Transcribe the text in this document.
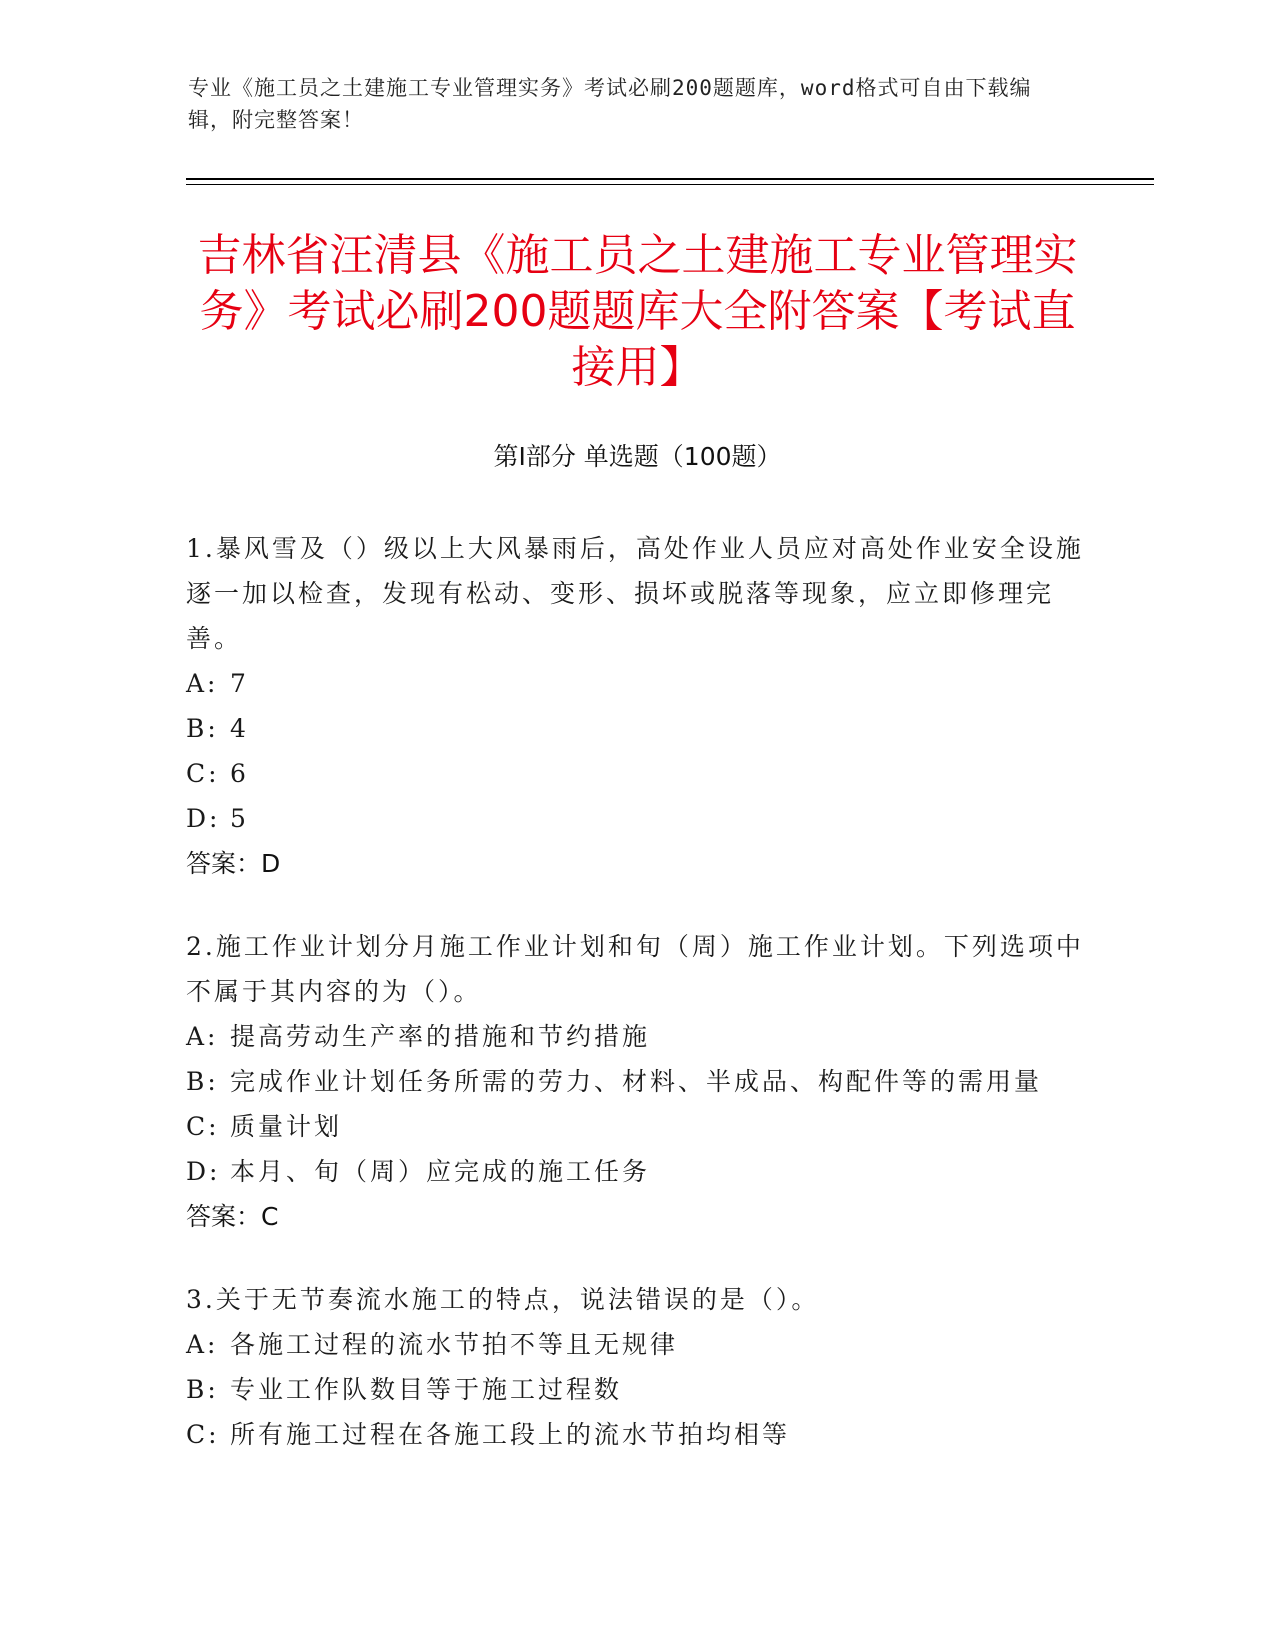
专业《施工员之土建施工专业管理实务》考试必刷200题题库，word格式可自由下载编辑，附完整答案！
吉林省汪清县《施工员之土建施工专业管理实务》考试必刷200题题库大全附答案【考试直接用】
第Ⅰ部分 单选题（100题）
1.暴风雪及（）级以上大风暴雨后，高处作业人员应对高处作业安全设施逐一加以检查，发现有松动、变形、损坏或脱落等现象，应立即修理完善。
A: 7
B: 4
C: 6
D: 5
答案：D
2.施工作业计划分月施工作业计划和旬（周）施工作业计划。下列选项中不属于其内容的为（）。
A: 提高劳动生产率的措施和节约措施
B: 完成作业计划任务所需的劳力、材料、半成品、构配件等的需用量
C: 质量计划
D: 本月、旬（周）应完成的施工任务
答案：C
3.关于无节奏流水施工的特点，说法错误的是（）。
A: 各施工过程的流水节拍不等且无规律
B: 专业工作队数目等于施工过程数
C: 所有施工过程在各施工段上的流水节拍均相等
